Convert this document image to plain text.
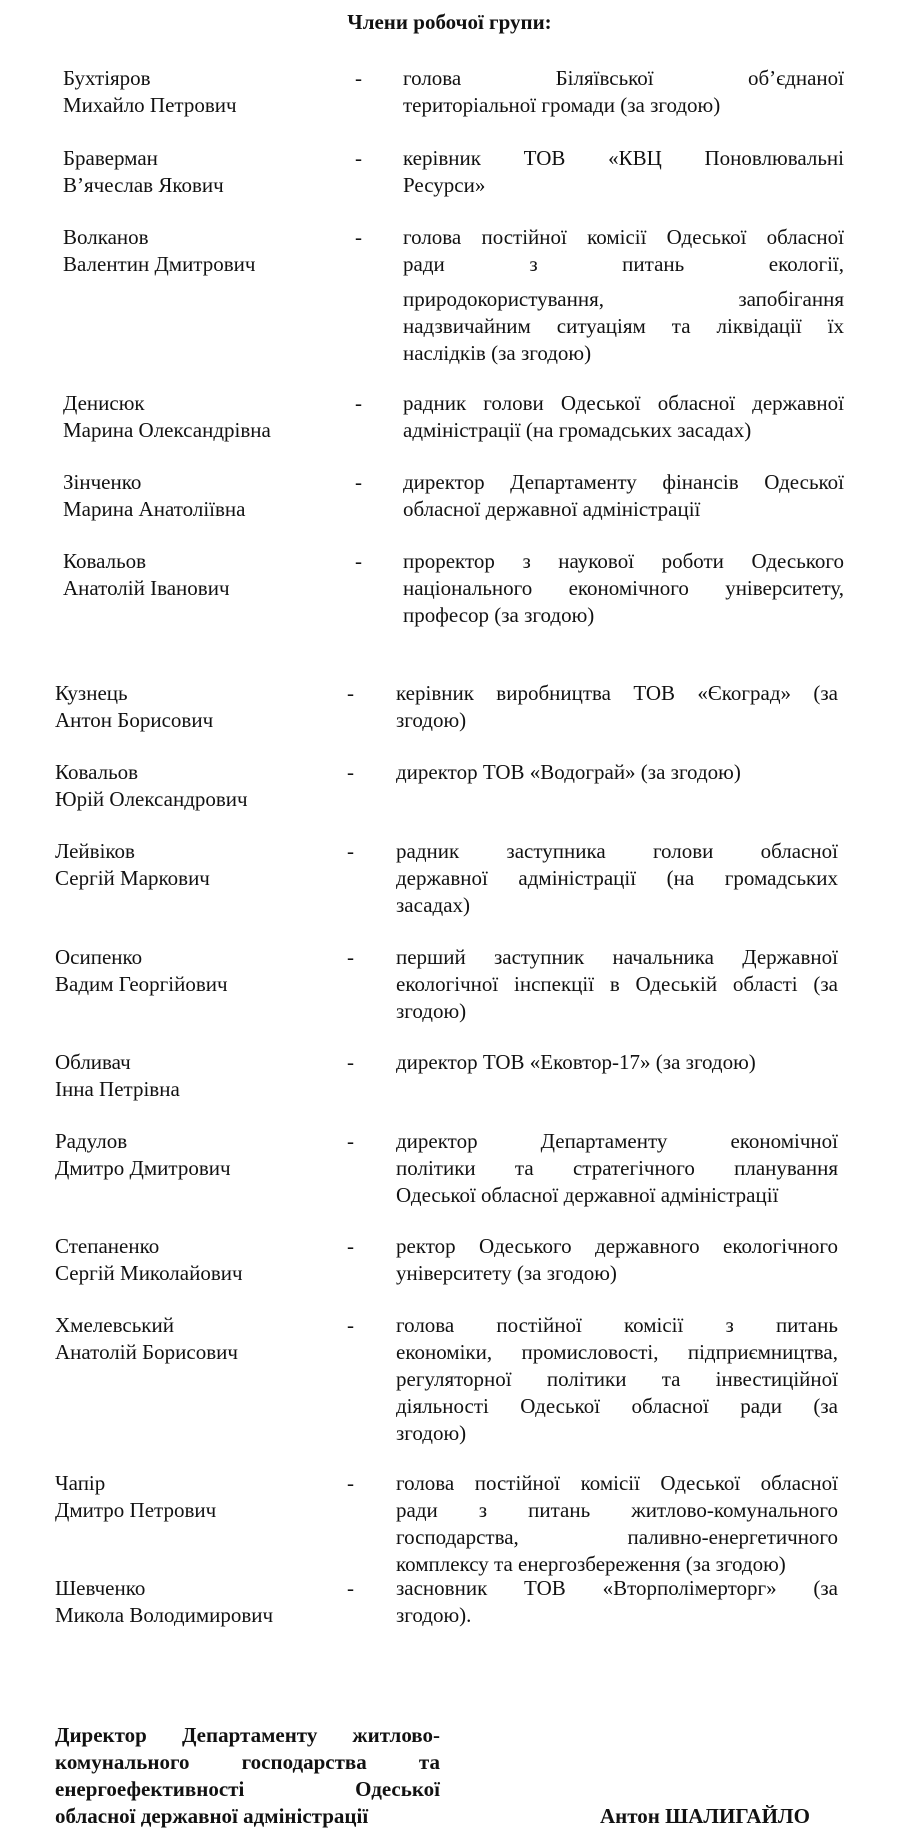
Члени робочої групи:
Бухтіяров
Михайло Петрович
- голова Біляївської об’єднаної
територіальної громади (за згодою)
Браверман
В’ячеслав Якович
- керівник ТОВ «КВЦ Поновлювальні
Ресурси»
Волканов
Валентин Дмитрович
- голова постійної комісії Одеської обласної
ради з питань екології,
природокористування, запобігання
надзвичайним ситуаціям та ліквідації їх
наслідків (за згодою)
Денисюк
Марина Олександрівна
- радник голови Одеської обласної державної
адміністрації (на громадських засадах)
Зінченко
Марина Анатоліївна
- директор Департаменту фінансів Одеської
обласної державної адміністрації
Ковальов
Анатолій Іванович
- проректор з наукової роботи Одеського
національного економічного університету,
професор (за згодою)
Кузнець
Антон Борисович
- керівник виробництва ТОВ «Єкоград» (за
згодою)
Ковальов
Юрій Олександрович
- директор ТОВ «Водограй» (за згодою)
Лейвіков
Сергій Маркович
- радник заступника голови обласної
державної адміністрації (на громадських
засадах)
Осипенко
Вадим Георгійович
- перший заступник начальника Державної
екологічної інспекції в Одеській області (за
згодою)
Обливач
Інна Петрівна
- директор ТОВ «Ековтор-17» (за згодою)
Радулов
Дмитро Дмитрович
- директор Департаменту економічної
політики та стратегічного планування
Одеської обласної державної адміністрації
Степаненко
Сергій Миколайович
- ректор Одеського державного екологічного
університету (за згодою)
Хмелевський
Анатолій Борисович
- голова постійної комісії з питань
економіки, промисловості, підприємництва,
регуляторної політики та інвестиційної
діяльності Одеської обласної ради (за
згодою)
Чапір
Дмитро Петрович
- голова постійної комісії Одеської обласної
ради з питань житлово-комунального
господарства, паливно-енергетичного
комплексу та енергозбереження (за згодою)
Шевченко
Микола Володимирович
- засновник ТОВ «Вторполімерторг» (за
згодою).
Директор Департаменту житлово-
комунального господарства та
енергоефективності Одеської
обласної державної адміністрації	Антон ШАЛИГАЙЛО
